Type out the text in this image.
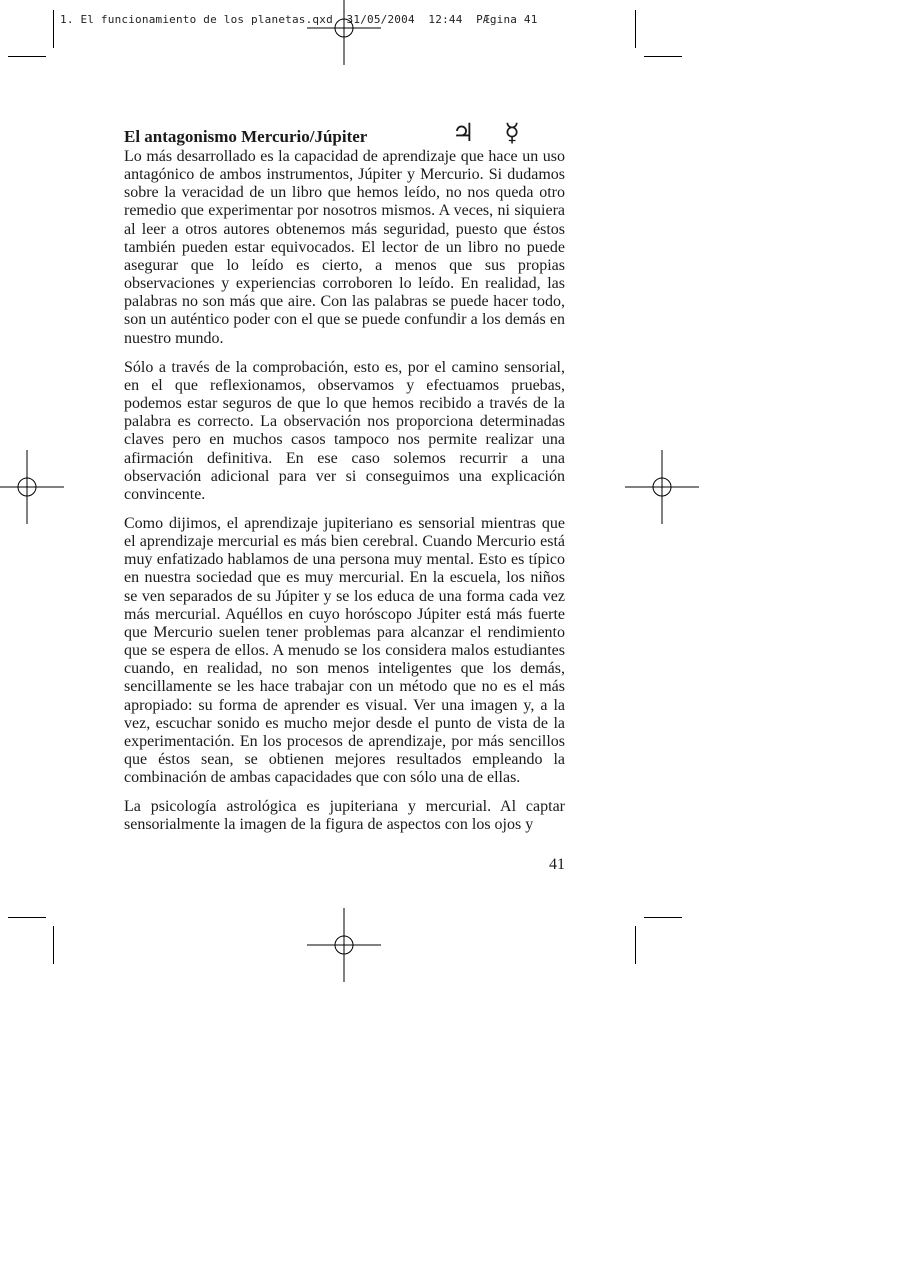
1. El funcionamiento de los planetas.qxd  31/05/2004  12:44  PÆgina 41
El antagonismo Mercurio/Júpiter	♃ ☿

Lo más desarrollado es la capacidad de aprendizaje que hace un uso antagónico de ambos instrumentos, Júpiter y Mercurio. Si dudamos sobre la veracidad de un libro que hemos leído, no nos queda otro remedio que experimentar por nosotros mismos. A veces, ni siquiera al leer a otros autores obtenemos más seguridad, puesto que éstos también pueden estar equivocados. El lector de un libro no puede asegurar que lo leído es cierto, a menos que sus propias observaciones y experiencias corroboren lo leído. En realidad, las palabras no son más que aire. Con las palabras se puede hacer todo, son un auténtico poder con el que se puede confundir a los demás en nuestro mundo.

Sólo a través de la comprobación, esto es, por el camino sensorial, en el que reflexionamos, observamos y efectuamos pruebas, podemos estar seguros de que lo que hemos recibido a través de la palabra es correcto. La observación nos proporciona determinadas claves pero en muchos casos tampoco nos permite realizar una afirmación definitiva. En ese caso solemos recurrir a una observación adicional para ver si conseguimos una explicación convincente.

Como dijimos, el aprendizaje jupiteriano es sensorial mientras que el aprendizaje mercurial es más bien cerebral. Cuando Mercurio está muy enfatizado hablamos de una persona muy mental. Esto es típico en nuestra sociedad que es muy mercurial. En la escuela, los niños se ven separados de su Júpiter y se los educa de una forma cada vez más mercurial. Aquéllos en cuyo horóscopo Júpiter está más fuerte que Mercurio suelen tener problemas para alcanzar el rendimiento que se espera de ellos. A menudo se los considera malos estudiantes cuando, en realidad, no son menos inteligentes que los demás, sencillamente se les hace trabajar con un método que no es el más apropiado: su forma de aprender es visual. Ver una imagen y, a la vez, escuchar sonido es mucho mejor desde el punto de vista de la experimentación. En los procesos de aprendizaje, por más sencillos que éstos sean, se obtienen mejores resultados empleando la combinación de ambas capacidades que con sólo una de ellas.

La psicología astrológica es jupiteriana y mercurial. Al captar sensorialmente la imagen de la figura de aspectos con los ojos y

41
